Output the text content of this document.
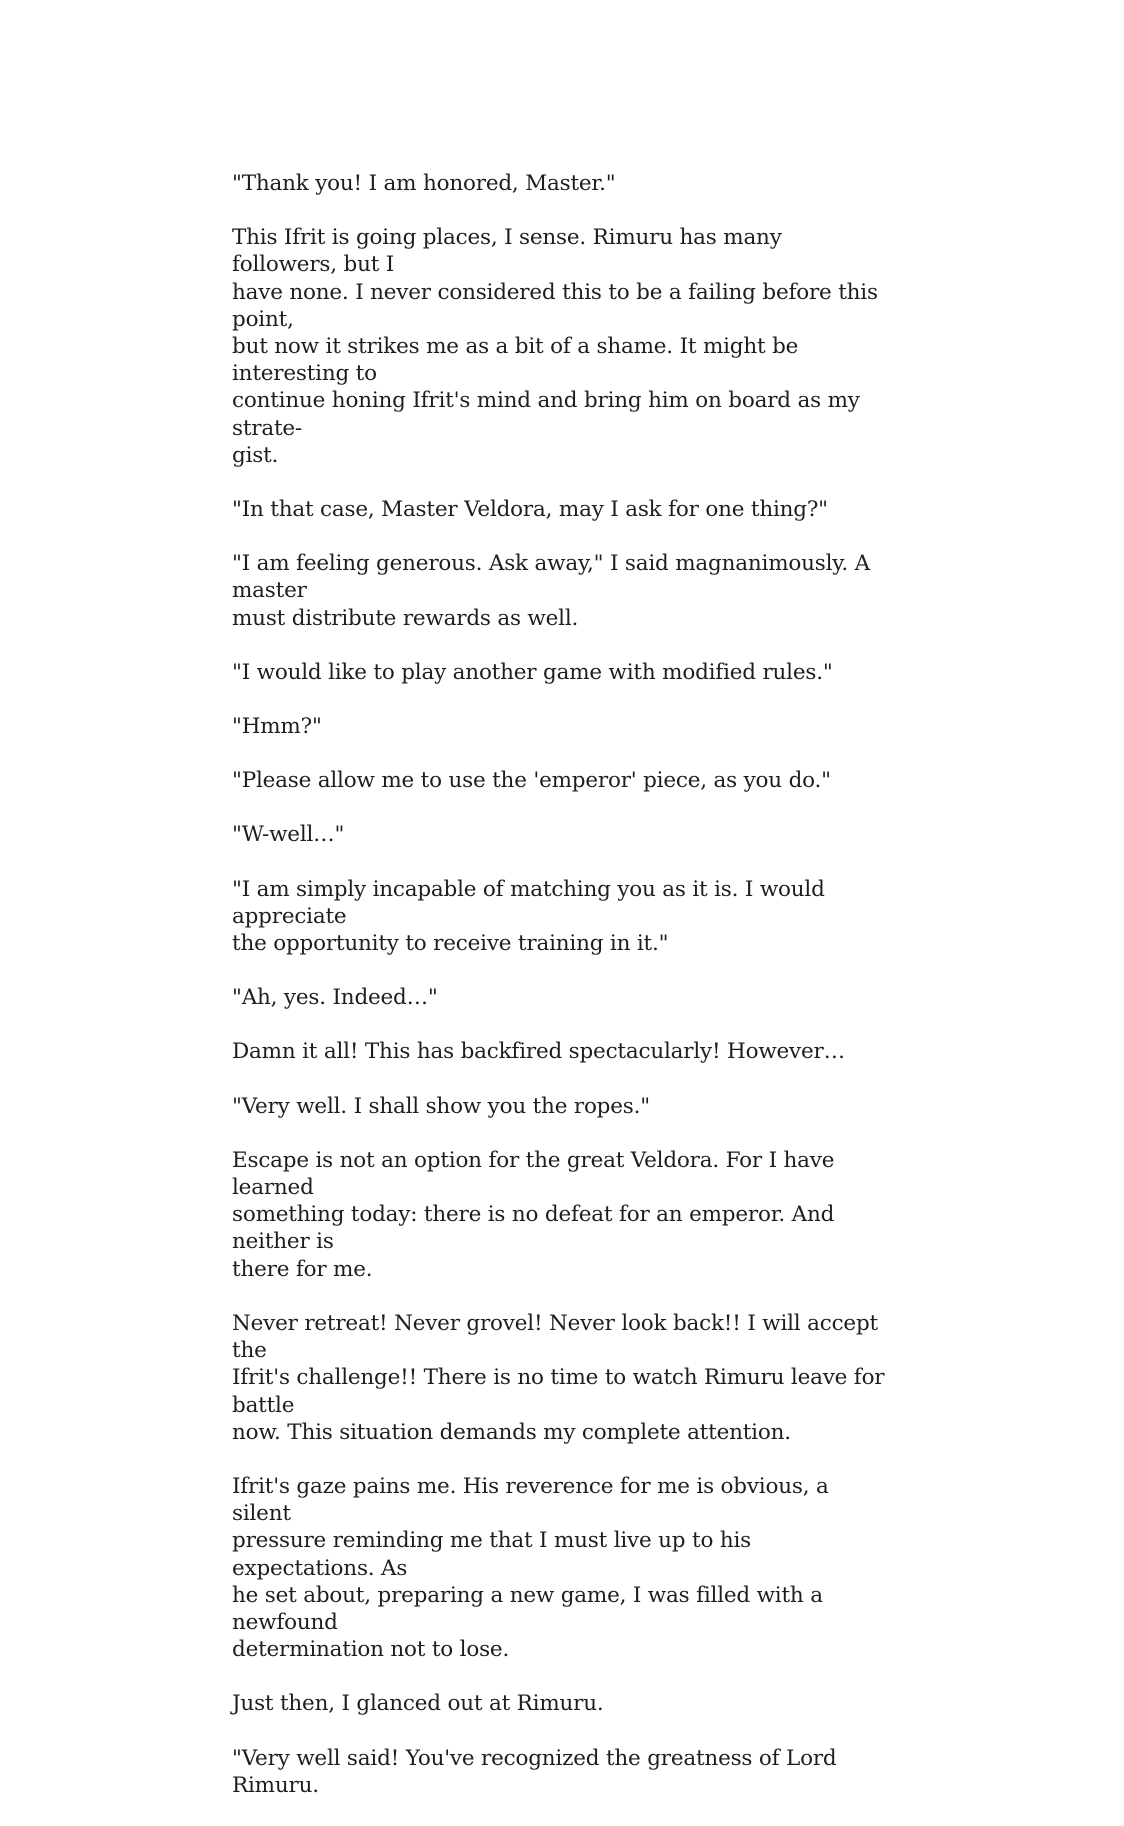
"Thank you! I am honored, Master."

This Ifrit is going places, I sense. Rimuru has many followers, but I
have none. I never considered this to be a failing before this point,
but now it strikes me as a bit of a shame. It might be interesting to
continue honing Ifrit's mind and bring him on board as my strate-
gist.

"In that case, Master Veldora, may I ask for one thing?"

"I am feeling generous. Ask away," I said magnanimously. A master
must distribute rewards as well.

"I would like to play another game with modified rules."

"Hmm?"

"Please allow me to use the 'emperor' piece, as you do."

"W-well…"

"I am simply incapable of matching you as it is. I would appreciate
the opportunity to receive training in it."

"Ah, yes. Indeed…"

Damn it all! This has backfired spectacularly! However…

"Very well. I shall show you the ropes."

Escape is not an option for the great Veldora. For I have learned
something today: there is no defeat for an emperor. And neither is
there for me.

Never retreat! Never grovel! Never look back!! I will accept the
Ifrit's challenge!! There is no time to watch Rimuru leave for battle
now. This situation demands my complete attention.

Ifrit's gaze pains me. His reverence for me is obvious, a silent
pressure reminding me that I must live up to his expectations. As
he set about, preparing a new game, I was filled with a newfound
determination not to lose.

Just then, I glanced out at Rimuru.

"Very well said! You've recognized the greatness of Lord Rimuru.
